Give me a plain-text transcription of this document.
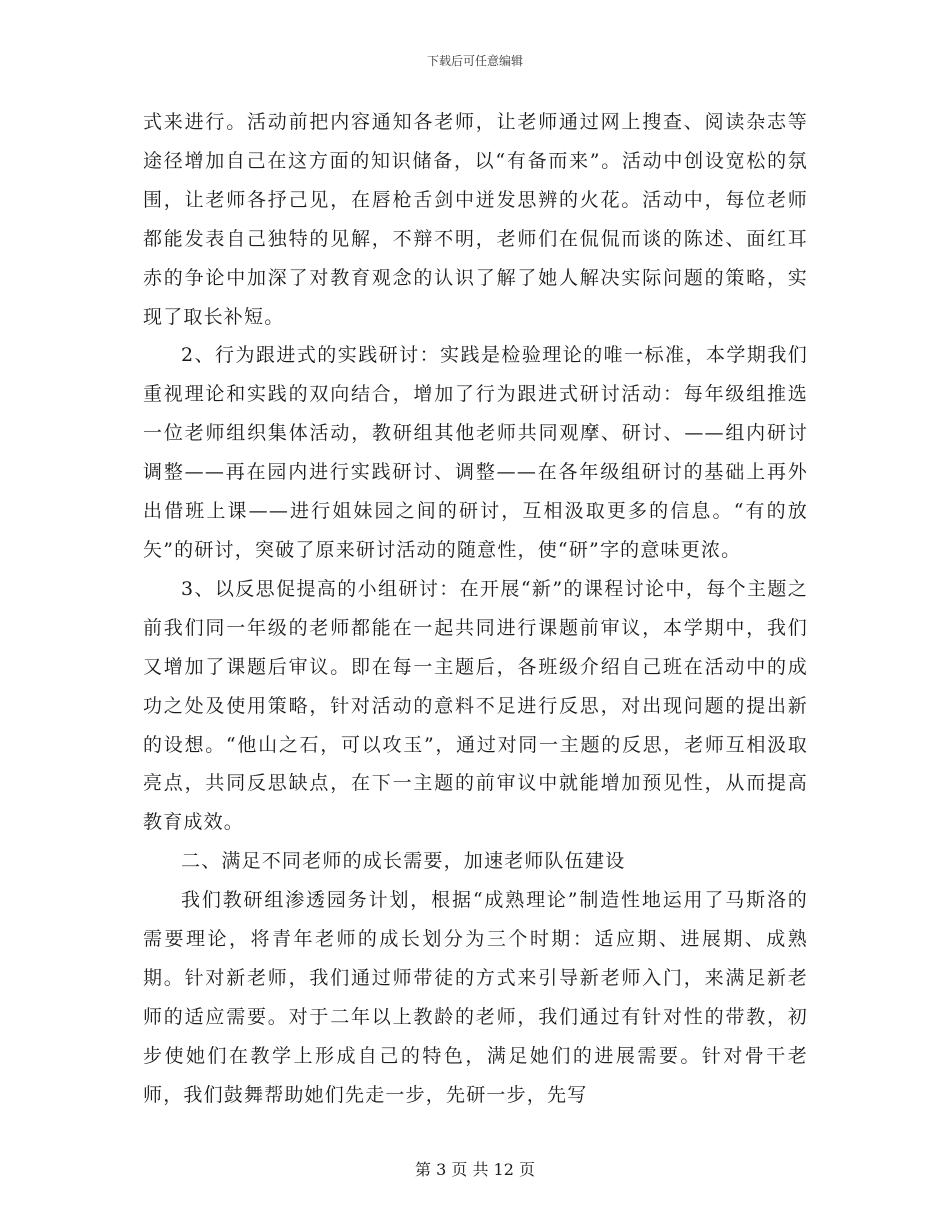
下载后可任意编辑

式来进行。活动前把内容通知各老师，让老师通过网上搜查、阅读杂志等途径增加自己在这方面的知识储备，以“有备而来”。活动中创设宽松的氛围，让老师各抒己见，在唇枪舌剑中迸发思辨的火花。活动中，每位老师都能发表自己独特的见解，不辩不明，老师们在侃侃而谈的陈述、面红耳赤的争论中加深了对教育观念的认识了解了她人解决实际问题的策略，实现了取长补短。

2、行为跟进式的实践研讨：实践是检验理论的唯一标准，本学期我们重视理论和实践的双向结合，增加了行为跟进式研讨活动：每年级组推选一位老师组织集体活动，教研组其他老师共同观摩、研讨、——组内研讨调整——再在园内进行实践研讨、调整——在各年级组研讨的基础上再外出借班上课——进行姐妹园之间的研讨，互相汲取更多的信息。“有的放矢”的研讨，突破了原来研讨活动的随意性，使“研”字的意味更浓。

3、以反思促提高的小组研讨：在开展“新”的课程讨论中，每个主题之前我们同一年级的老师都能在一起共同进行课题前审议，本学期中，我们又增加了课题后审议。即在每一主题后，各班级介绍自己班在活动中的成功之处及使用策略，针对活动的意料不足进行反思，对出现问题的提出新的设想。“他山之石，可以攻玉”，通过对同一主题的反思，老师互相汲取亮点，共同反思缺点，在下一主题的前审议中就能增加预见性，从而提高教育成效。

二、满足不同老师的成长需要，加速老师队伍建设

我们教研组渗透园务计划，根据“成熟理论”制造性地运用了马斯洛的需要理论，将青年老师的成长划分为三个时期：适应期、进展期、成熟期。针对新老师，我们通过师带徒的方式来引导新老师入门，来满足新老师的适应需要。对于二年以上教龄的老师，我们通过有针对性的带教，初步使她们在教学上形成自己的特色，满足她们的进展需要。针对骨干老师，我们鼓舞帮助她们先走一步，先研一步，先写

第 3 页 共 12 页
